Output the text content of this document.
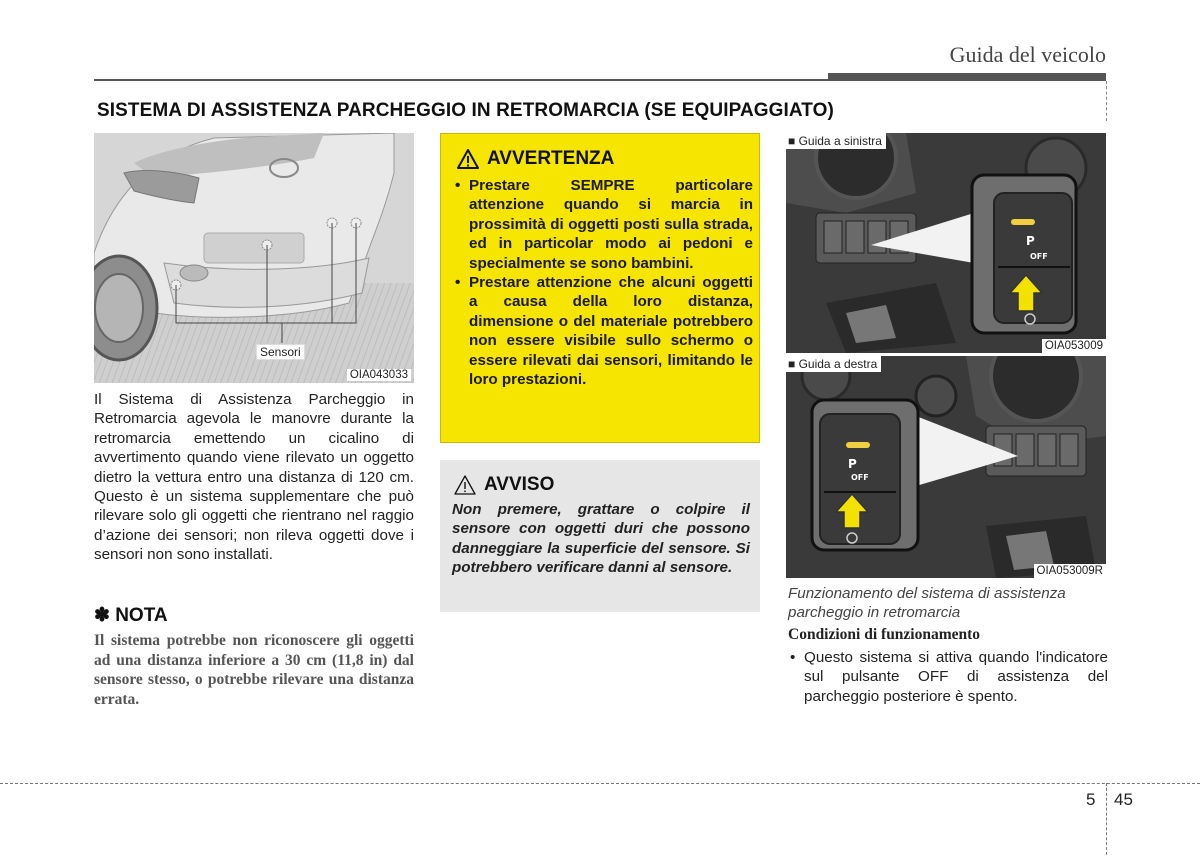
Guida del veicolo
SISTEMA DI ASSISTENZA PARCHEGGIO IN RETROMARCIA (SE EQUIPAGGIATO)
Sensori
OIA043033
Il Sistema di Assistenza Parcheggio in Retromarcia agevola le manovre durante la retromarcia emettendo un cicalino di avvertimento quando viene rilevato un oggetto dietro la vettura entro una distanza di 120 cm. Questo è un sistema supplementare che può rilevare solo gli oggetti che rientrano nel raggio d’azione dei sensori; non rileva oggetti dove i sensori non sono installati.
✽ NOTA
Il sistema potrebbe non riconoscere gli oggetti ad una distanza inferiore a 30 cm (11,8 in) dal sensore stesso, o potrebbe rilevare una distanza errata.
AVVERTENZA
• Prestare SEMPRE particolare attenzione quando si marcia in prossimità di oggetti posti sulla strada, ed in particolar modo ai pedoni e specialmente se sono bambini.
• Prestare attenzione che alcuni oggetti a causa della loro distanza, dimensione o del materiale potrebbero non essere visibile sullo schermo o essere rilevati dai sensori, limitando le loro prestazioni.
AVVISO
Non premere, grattare o colpire il sensore con oggetti duri che possono danneggiare la superficie del sensore. Si potrebbero verificare danni al sensore.
P
OFF
■ Guida a sinistra
OIA053009
P
OFF
■ Guida a destra
OIA053009R
Funzionamento del sistema di assistenza parcheggio in retromarcia
Condizioni di funzionamento
• Questo sistema si attiva quando l'indicatore sul pulsante OFF di assistenza del parcheggio posteriore è spento.
5 45
